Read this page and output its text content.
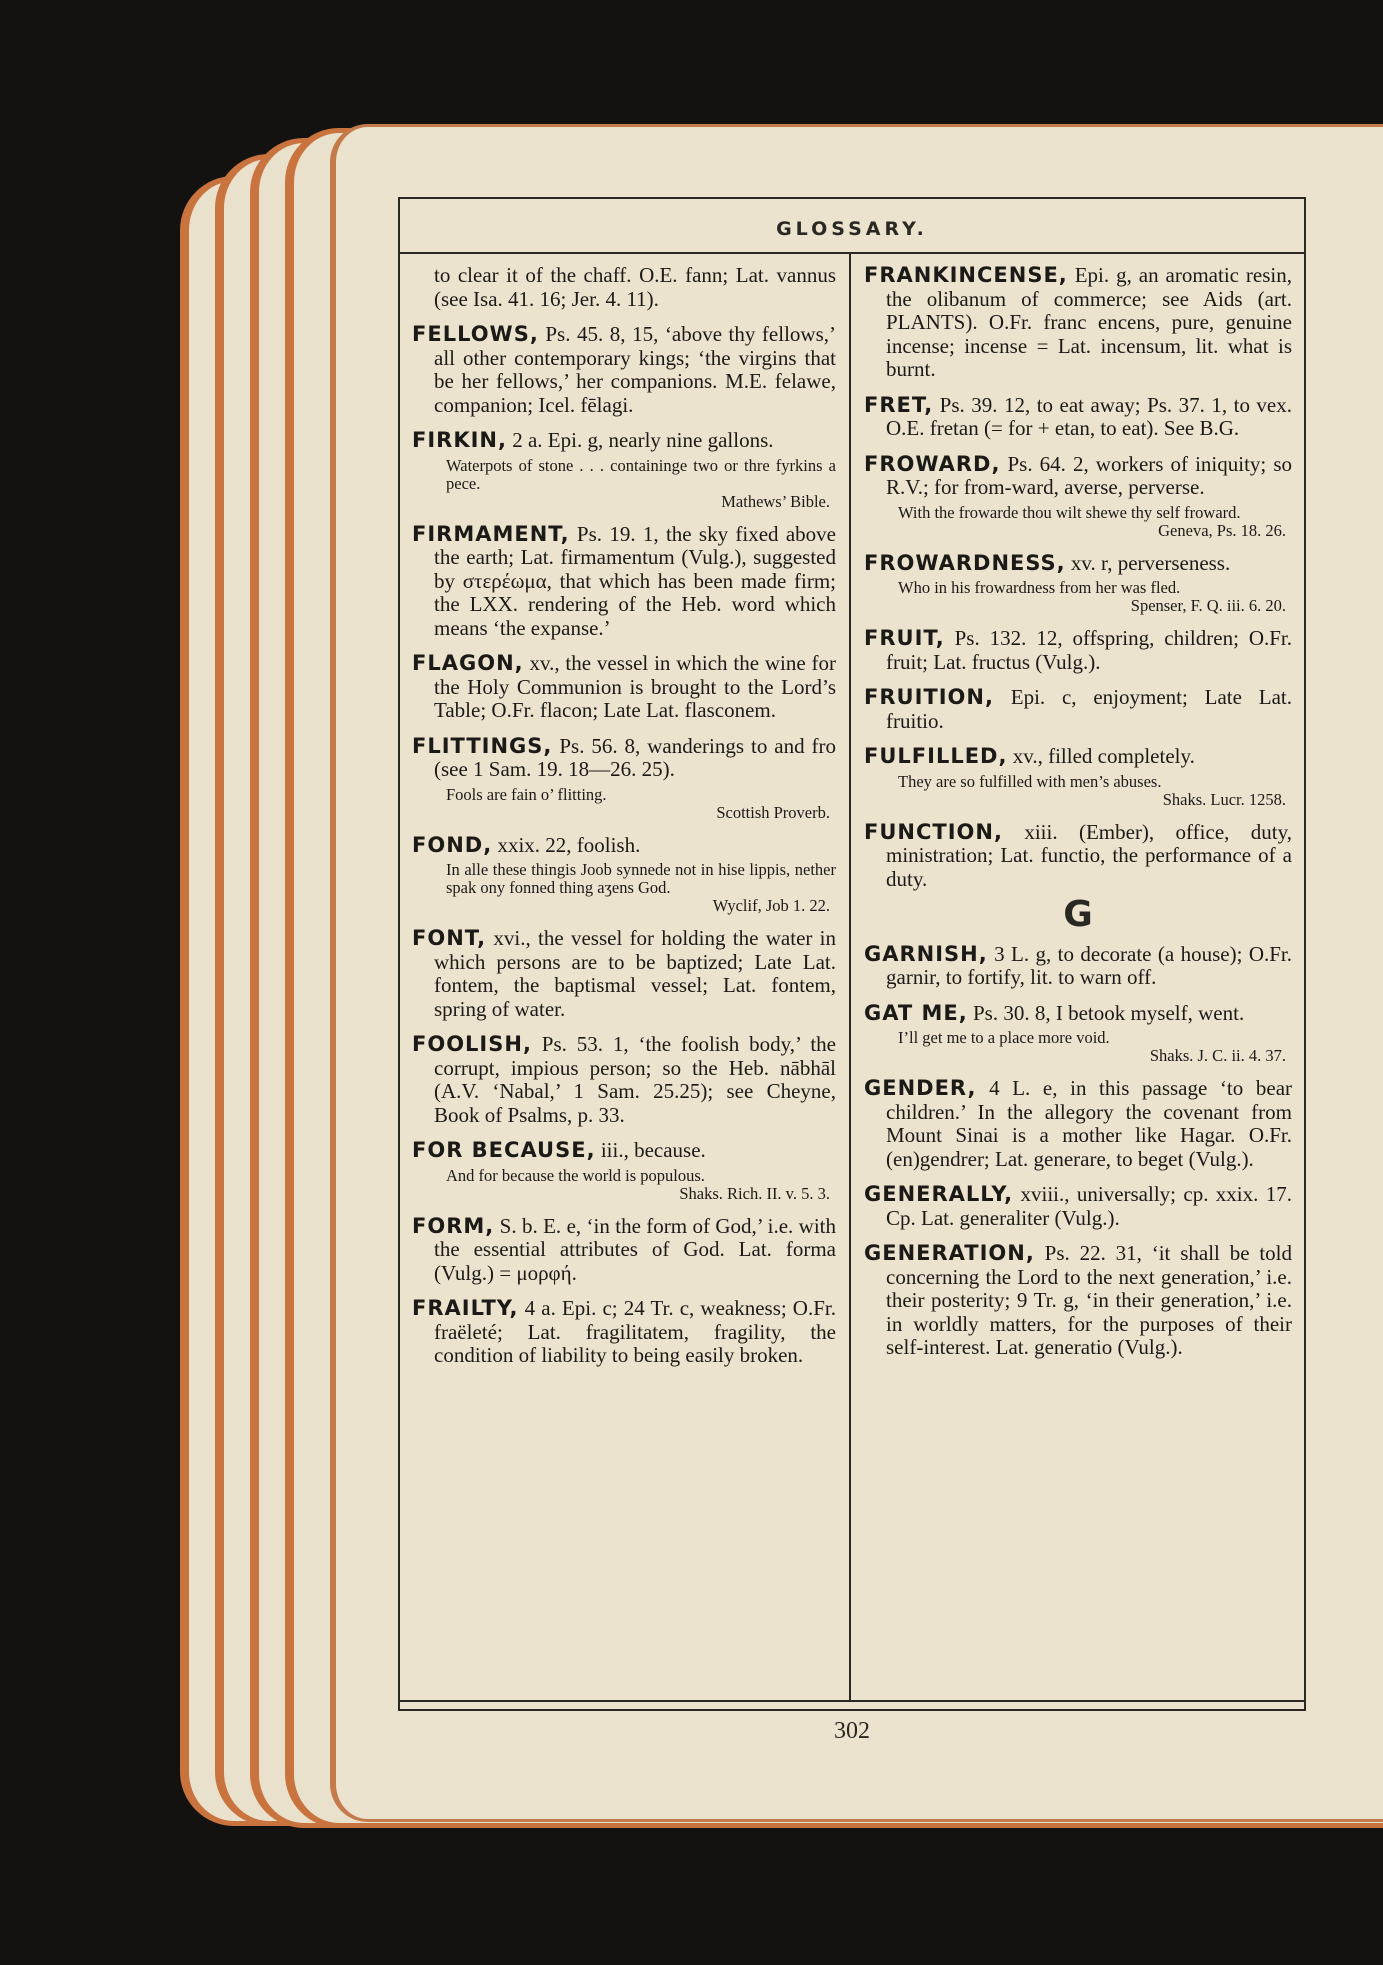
GLOSSARY.
302
to clear it of the chaff. O.E. fann; Lat. vannus (see Isa. 41. 16; Jer. 4. 11).
FELLOWS, Ps. 45. 8, 15, ‘above thy fellows,’ all other contemporary kings; ‘the virgins that be her fellows,’ her companions. M.E. felawe, companion; Icel. fēlagi.
FIRKIN, 2 a. Epi. g, nearly nine gallons.
Waterpots of stone . . . containinge two or thre fyrkins a pece.
Mathews’ Bible.
FIRMAMENT, Ps. 19. 1, the sky fixed above the earth; Lat. firmamentum (Vulg.), suggested by στερέωμα, that which has been made firm; the LXX. rendering of the Heb. word which means ‘the expanse.’
FLAGON, xv., the vessel in which the wine for the Holy Communion is brought to the Lord’s Table; O.Fr. flacon; Late Lat. flasconem.
FLITTINGS, Ps. 56. 8, wanderings to and fro (see 1 Sam. 19. 18—26. 25).
Fools are fain o’ flitting.
Scottish Proverb.
FOND, xxix. 22, foolish.
In alle these thingis Joob synnede not in hise lippis, nether spak ony fonned thing aʒens God.
Wyclif, Job 1. 22.
FONT, xvi., the vessel for holding the water in which persons are to be baptized; Late Lat. fontem, the baptismal vessel; Lat. fontem, spring of water.
FOOLISH, Ps. 53. 1, ‘the foolish body,’ the corrupt, impious person; so the Heb. nābhāl (A.V. ‘Nabal,’ 1 Sam. 25.25); see Cheyne, Book of Psalms, p. 33.
FOR BECAUSE, iii., because.
And for because the world is populous.
Shaks. Rich. II. v. 5. 3.
FORM, S. b. E. e, ‘in the form of God,’ i.e. with the essential attributes of God. Lat. forma (Vulg.) = μορφή.
FRAILTY, 4 a. Epi. c; 24 Tr. c, weakness; O.Fr. fraëleté; Lat. fragilitatem, fragility, the condition of liability to being easily broken.
FRANKINCENSE, Epi. g, an aromatic resin, the olibanum of commerce; see Aids (art. PLANTS). O.Fr. franc encens, pure, genuine incense; incense = Lat. incensum, lit. what is burnt.
FRET, Ps. 39. 12, to eat away; Ps. 37. 1, to vex. O.E. fretan (= for + etan, to eat). See B.G.
FROWARD, Ps. 64. 2, workers of iniquity; so R.V.; for from-ward, averse, perverse.
With the frowarde thou wilt shewe thy self froward.
Geneva, Ps. 18. 26.
FROWARDNESS, xv. r, perverseness.
Who in his frowardness from her was fled.
Spenser, F. Q. iii. 6. 20.
FRUIT, Ps. 132. 12, offspring, children; O.Fr. fruit; Lat. fructus (Vulg.).
FRUITION, Epi. c, enjoyment; Late Lat. fruitio.
FULFILLED, xv., filled completely.
They are so fulfilled with men’s abuses.
Shaks. Lucr. 1258.
FUNCTION, xiii. (Ember), office, duty, ministration; Lat. functio, the performance of a duty.
G
GARNISH, 3 L. g, to decorate (a house); O.Fr. garnir, to fortify, lit. to warn off.
GAT ME, Ps. 30. 8, I betook myself, went.
I’ll get me to a place more void.
Shaks. J. C. ii. 4. 37.
GENDER, 4 L. e, in this passage ‘to bear children.’ In the allegory the covenant from Mount Sinai is a mother like Hagar. O.Fr. (en)gendrer; Lat. generare, to beget (Vulg.).
GENERALLY, xviii., universally; cp. xxix. 17. Cp. Lat. generaliter (Vulg.).
GENERATION, Ps. 22. 31, ‘it shall be told concerning the Lord to the next generation,’ i.e. their posterity; 9 Tr. g, ‘in their generation,’ i.e. in worldly matters, for the purposes of their self-interest. Lat. generatio (Vulg.).
